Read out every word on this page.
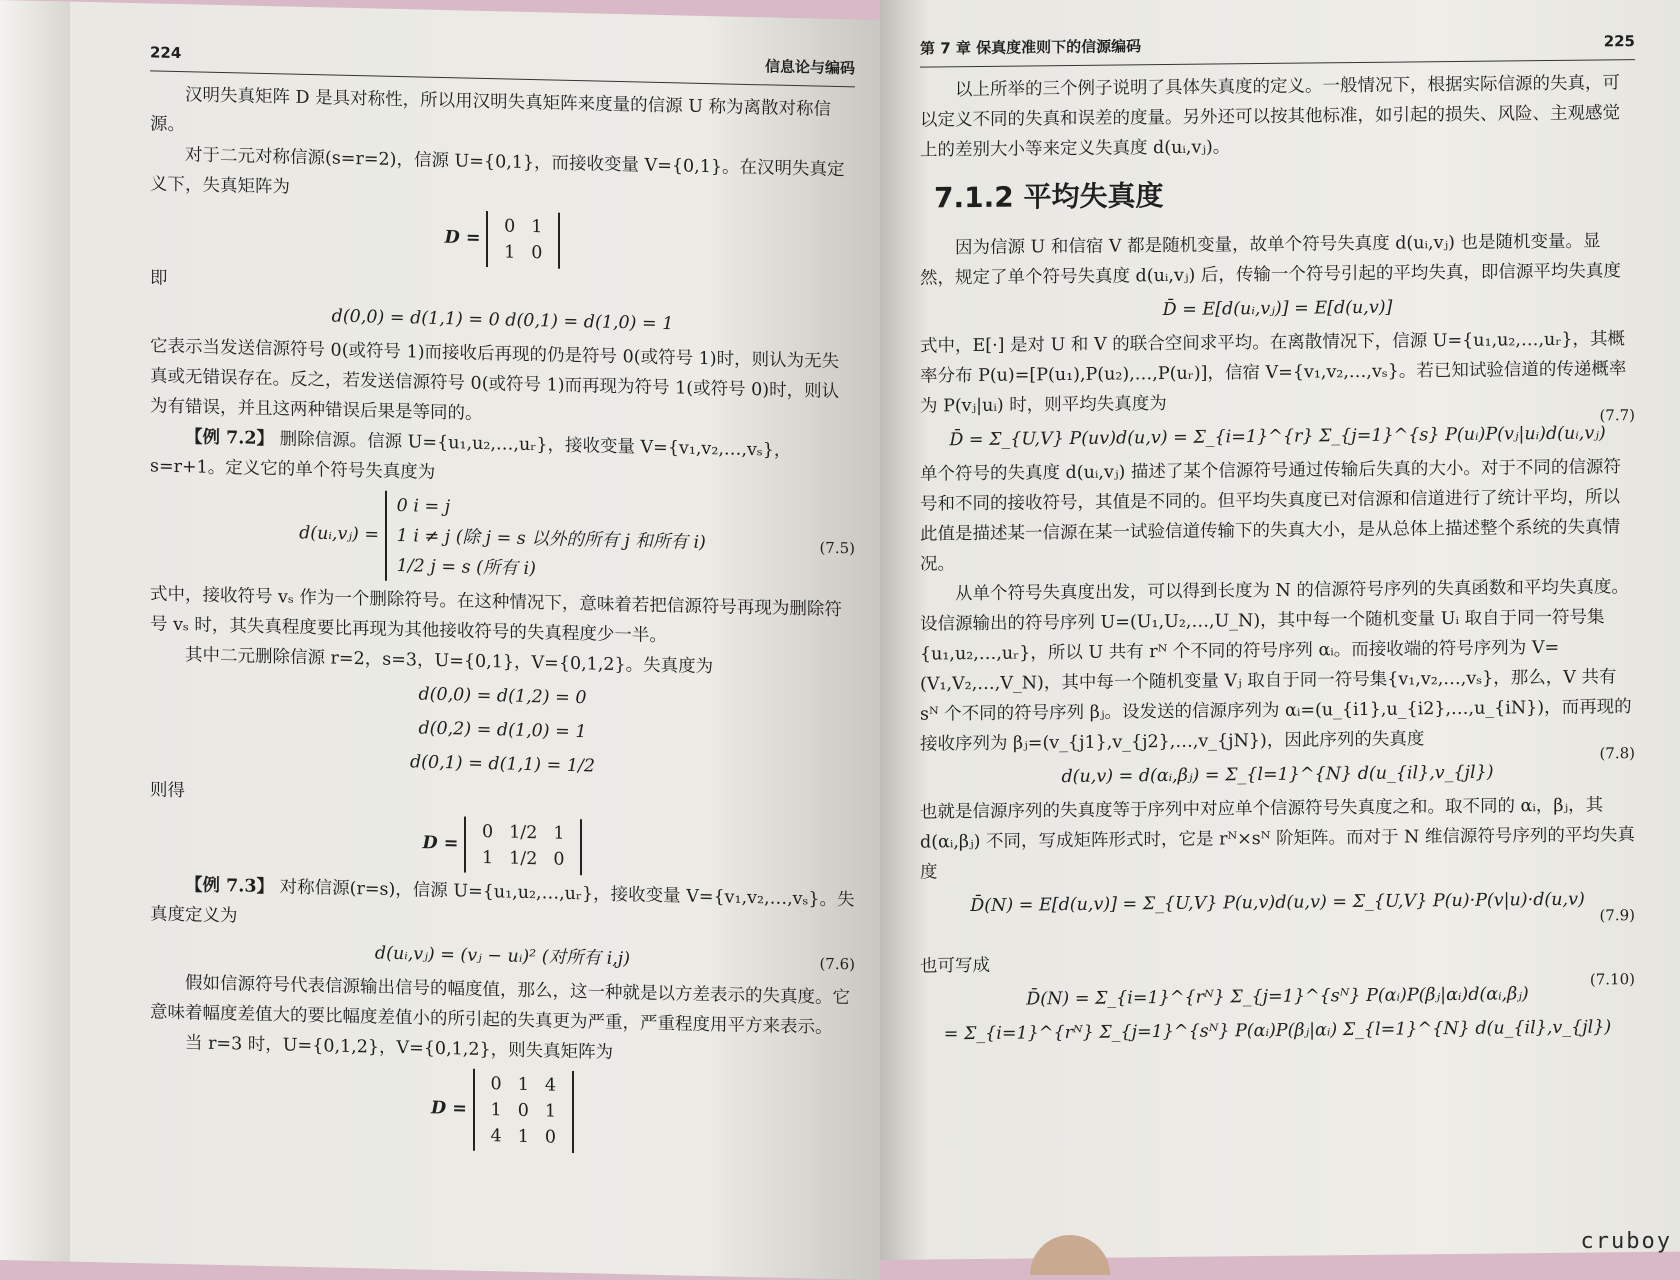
224
信息论与编码

汉明失真矩阵 D 是具对称性，所以用汉明失真矩阵来度量的信源 U 称为离散对称信源。

对于二元对称信源(s=r=2)，信源 U={0,1}，而接收变量 V={0,1}。在汉明失真定义下，失真矩阵为

D =
0	1
1	0

即

d(0,0) = d(1,1) = 0 d(0,1) = d(1,0) = 1

它表示当发送信源符号 0(或符号 1)而接收后再现的仍是符号 0(或符号 1)时，则认为无失真或无错误存在。反之，若发送信源符号 0(或符号 1)而再现为符号 1(或符号 0)时，则认为有错误，并且这两种错误后果是等同的。

【例 7.2】 删除信源。信源 U={u₁,u₂,…,uᵣ}，接收变量 V={v₁,v₂,…,vₛ}，s=r+1。定义它的单个符号失真度为

d(uᵢ,vⱼ) =
0 i = j
1 i ≠ j (除 j = s 以外的所有 j 和所有 i)
1/2 j = s (所有 i)
(7.5)

式中，接收符号 vₛ 作为一个删除符号。在这种情况下，意味着若把信源符号再现为删除符号 vₛ 时，其失真程度要比再现为其他接收符号的失真程度少一半。

其中二元删除信源 r=2，s=3，U={0,1}，V={0,1,2}。失真度为

d(0,0) = d(1,2) = 0
d(0,2) = d(1,0) = 1
d(0,1) = d(1,1) = 1/2

则得

D =
0	1/2	1
1	1/2	0

【例 7.3】 对称信源(r=s)，信源 U={u₁,u₂,…,uᵣ}，接收变量 V={v₁,v₂,…,vₛ}。失真度定义为

d(uᵢ,vⱼ) = (vⱼ − uᵢ)² (对所有 i,j)	(7.6)

假如信源符号代表信源输出信号的幅度值，那么，这一种就是以方差表示的失真度。它意味着幅度差值大的要比幅度差值小的所引起的失真更为严重，严重程度用平方来表示。

当 r=3 时，U={0,1,2}，V={0,1,2}，则失真矩阵为

D =
0	1	4
1	0	1
4	1	0
第 7 章 保真度准则下的信源编码	225

以上所举的三个例子说明了具体失真度的定义。一般情况下，根据实际信源的失真，可以定义不同的失真和误差的度量。另外还可以按其他标准，如引起的损失、风险、主观感觉上的差别大小等来定义失真度 d(uᵢ,vⱼ)。

7.1.2 平均失真度

因为信源 U 和信宿 V 都是随机变量，故单个符号失真度 d(uᵢ,vⱼ) 也是随机变量。显然，规定了单个符号失真度 d(uᵢ,vⱼ) 后，传输一个符号引起的平均失真，即信源平均失真度

D̄ = E[d(uᵢ,vⱼ)] = E[d(u,v)]

式中，E[·] 是对 U 和 V 的联合空间求平均。在离散情况下，信源 U={u₁,u₂,…,uᵣ}，其概率分布 P(u)=[P(u₁),P(u₂),…,P(uᵣ)]，信宿 V={v₁,v₂,…,vₛ}。若已知试验信道的传递概率为 P(vⱼ|uᵢ) 时，则平均失真度为

D̄ = Σ_{U,V} P(uv)d(u,v) = Σ_{i=1}^{r} Σ_{j=1}^{s} P(uᵢ)P(vⱼ|uᵢ)d(uᵢ,vⱼ)
(7.7)

单个符号的失真度 d(uᵢ,vⱼ) 描述了某个信源符号通过传输后失真的大小。对于不同的信源符号和不同的接收符号，其值是不同的。但平均失真度已对信源和信道进行了统计平均，所以此值是描述某一信源在某一试验信道传输下的失真大小，是从总体上描述整个系统的失真情况。

从单个符号失真度出发，可以得到长度为 N 的信源符号序列的失真函数和平均失真度。设信源输出的符号序列 U=(U₁,U₂,…,U_N)，其中每一个随机变量 Uᵢ 取自于同一符号集{u₁,u₂,…,uᵣ}，所以 U 共有 rᴺ 个不同的符号序列 αᵢ。而接收端的符号序列为 V=(V₁,V₂,…,V_N)，其中每一个随机变量 Vⱼ 取自于同一符号集{v₁,v₂,…,vₛ}，那么，V 共有 sᴺ 个不同的符号序列 βⱼ。设发送的信源序列为 αᵢ=(u_{i1},u_{i2},…,u_{iN})，而再现的接收序列为 βⱼ=(v_{j1},v_{j2},…,v_{jN})，因此序列的失真度

d(u,v) = d(αᵢ,βⱼ) = Σ_{l=1}^{N} d(u_{il},v_{jl})
(7.8)

也就是信源序列的失真度等于序列中对应单个信源符号失真度之和。取不同的 αᵢ，βⱼ，其 d(αᵢ,βⱼ) 不同，写成矩阵形式时，它是 rᴺ×sᴺ 阶矩阵。而对于 N 维信源符号序列的平均失真度

D̄(N) = E[d(u,v)] = Σ_{U,V} P(u,v)d(u,v) = Σ_{U,V} P(u)·P(v|u)·d(u,v) (7.9)

也可写成

D̄(N) = Σ_{i=1}^{rᴺ} Σ_{j=1}^{sᴺ} P(αᵢ)P(βⱼ|αᵢ)d(αᵢ,βⱼ)
(7.10)
= Σ_{i=1}^{rᴺ} Σ_{j=1}^{sᴺ} P(αᵢ)P(βⱼ|αᵢ) Σ_{l=1}^{N} d(u_{il},v_{jl})
cruboy
